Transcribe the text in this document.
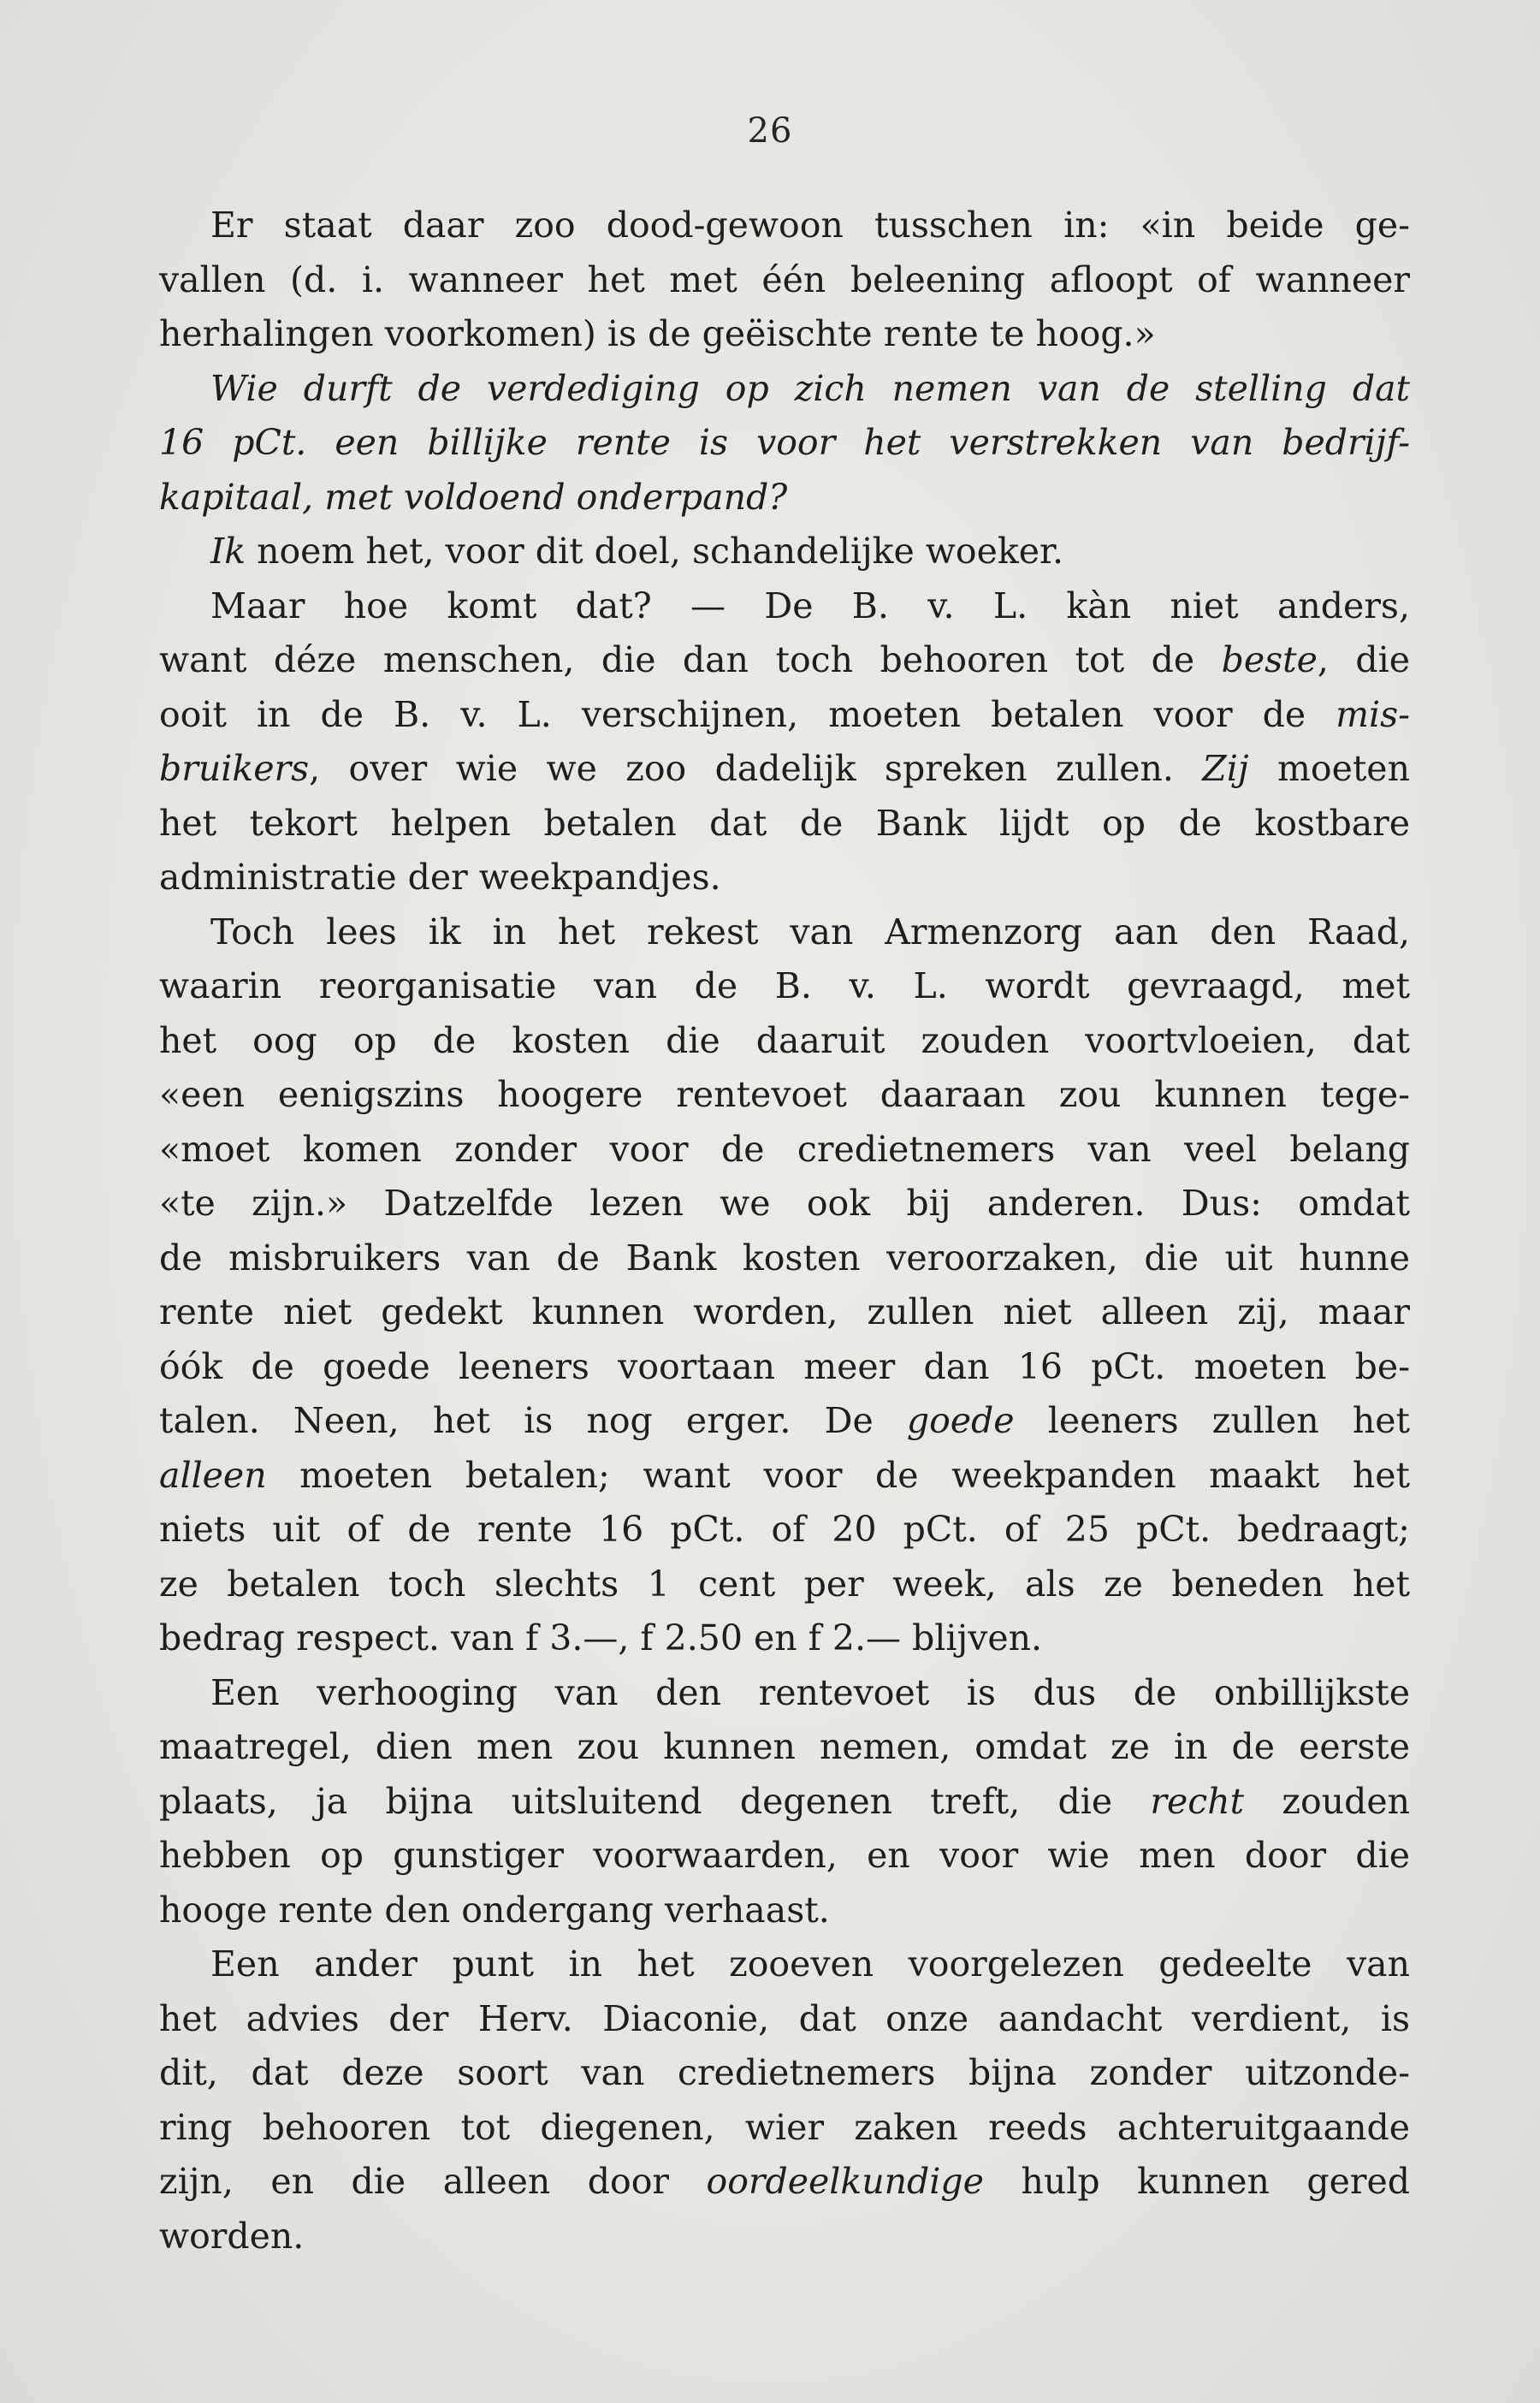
26
Er staat daar zoo dood-gewoon tusschen in: «in beide ge-
vallen (d. i. wanneer het met één beleening afloopt of wanneer
herhalingen voorkomen) is de geëischte rente te hoog.»
Wie durft de verdediging op zich nemen van de stelling dat
16 pCt. een billijke rente is voor het verstrekken van bedrijf-
kapitaal, met voldoend onderpand?
Ik noem het, voor dit doel, schandelijke woeker.
Maar hoe komt dat? — De B. v. L. kàn niet anders,
want déze menschen, die dan toch behooren tot de beste, die
ooit in de B. v. L. verschijnen, moeten betalen voor de mis-
bruikers, over wie we zoo dadelijk spreken zullen. Zij moeten
het tekort helpen betalen dat de Bank lijdt op de kostbare
administratie der weekpandjes.
Toch lees ik in het rekest van Armenzorg aan den Raad,
waarin reorganisatie van de B. v. L. wordt gevraagd, met
het oog op de kosten die daaruit zouden voortvloeien, dat
«een eenigszins hoogere rentevoet daaraan zou kunnen tege-
«moet komen zonder voor de credietnemers van veel belang
«te zijn.» Datzelfde lezen we ook bij anderen. Dus: omdat
de misbruikers van de Bank kosten veroorzaken, die uit hunne
rente niet gedekt kunnen worden, zullen niet alleen zij, maar
óók de goede leeners voortaan meer dan 16 pCt. moeten be-
talen. Neen, het is nog erger. De goede leeners zullen het
alleen moeten betalen; want voor de weekpanden maakt het
niets uit of de rente 16 pCt. of 20 pCt. of 25 pCt. bedraagt;
ze betalen toch slechts 1 cent per week, als ze beneden het
bedrag respect. van f 3.—, f 2.50 en f 2.— blijven.
Een verhooging van den rentevoet is dus de onbillijkste
maatregel, dien men zou kunnen nemen, omdat ze in de eerste
plaats, ja bijna uitsluitend degenen treft, die recht zouden
hebben op gunstiger voorwaarden, en voor wie men door die
hooge rente den ondergang verhaast.
Een ander punt in het zooeven voorgelezen gedeelte van
het advies der Herv. Diaconie, dat onze aandacht verdient, is
dit, dat deze soort van credietnemers bijna zonder uitzonde-
ring behooren tot diegenen, wier zaken reeds achteruitgaande
zijn, en die alleen door oordeelkundige hulp kunnen gered
worden.
